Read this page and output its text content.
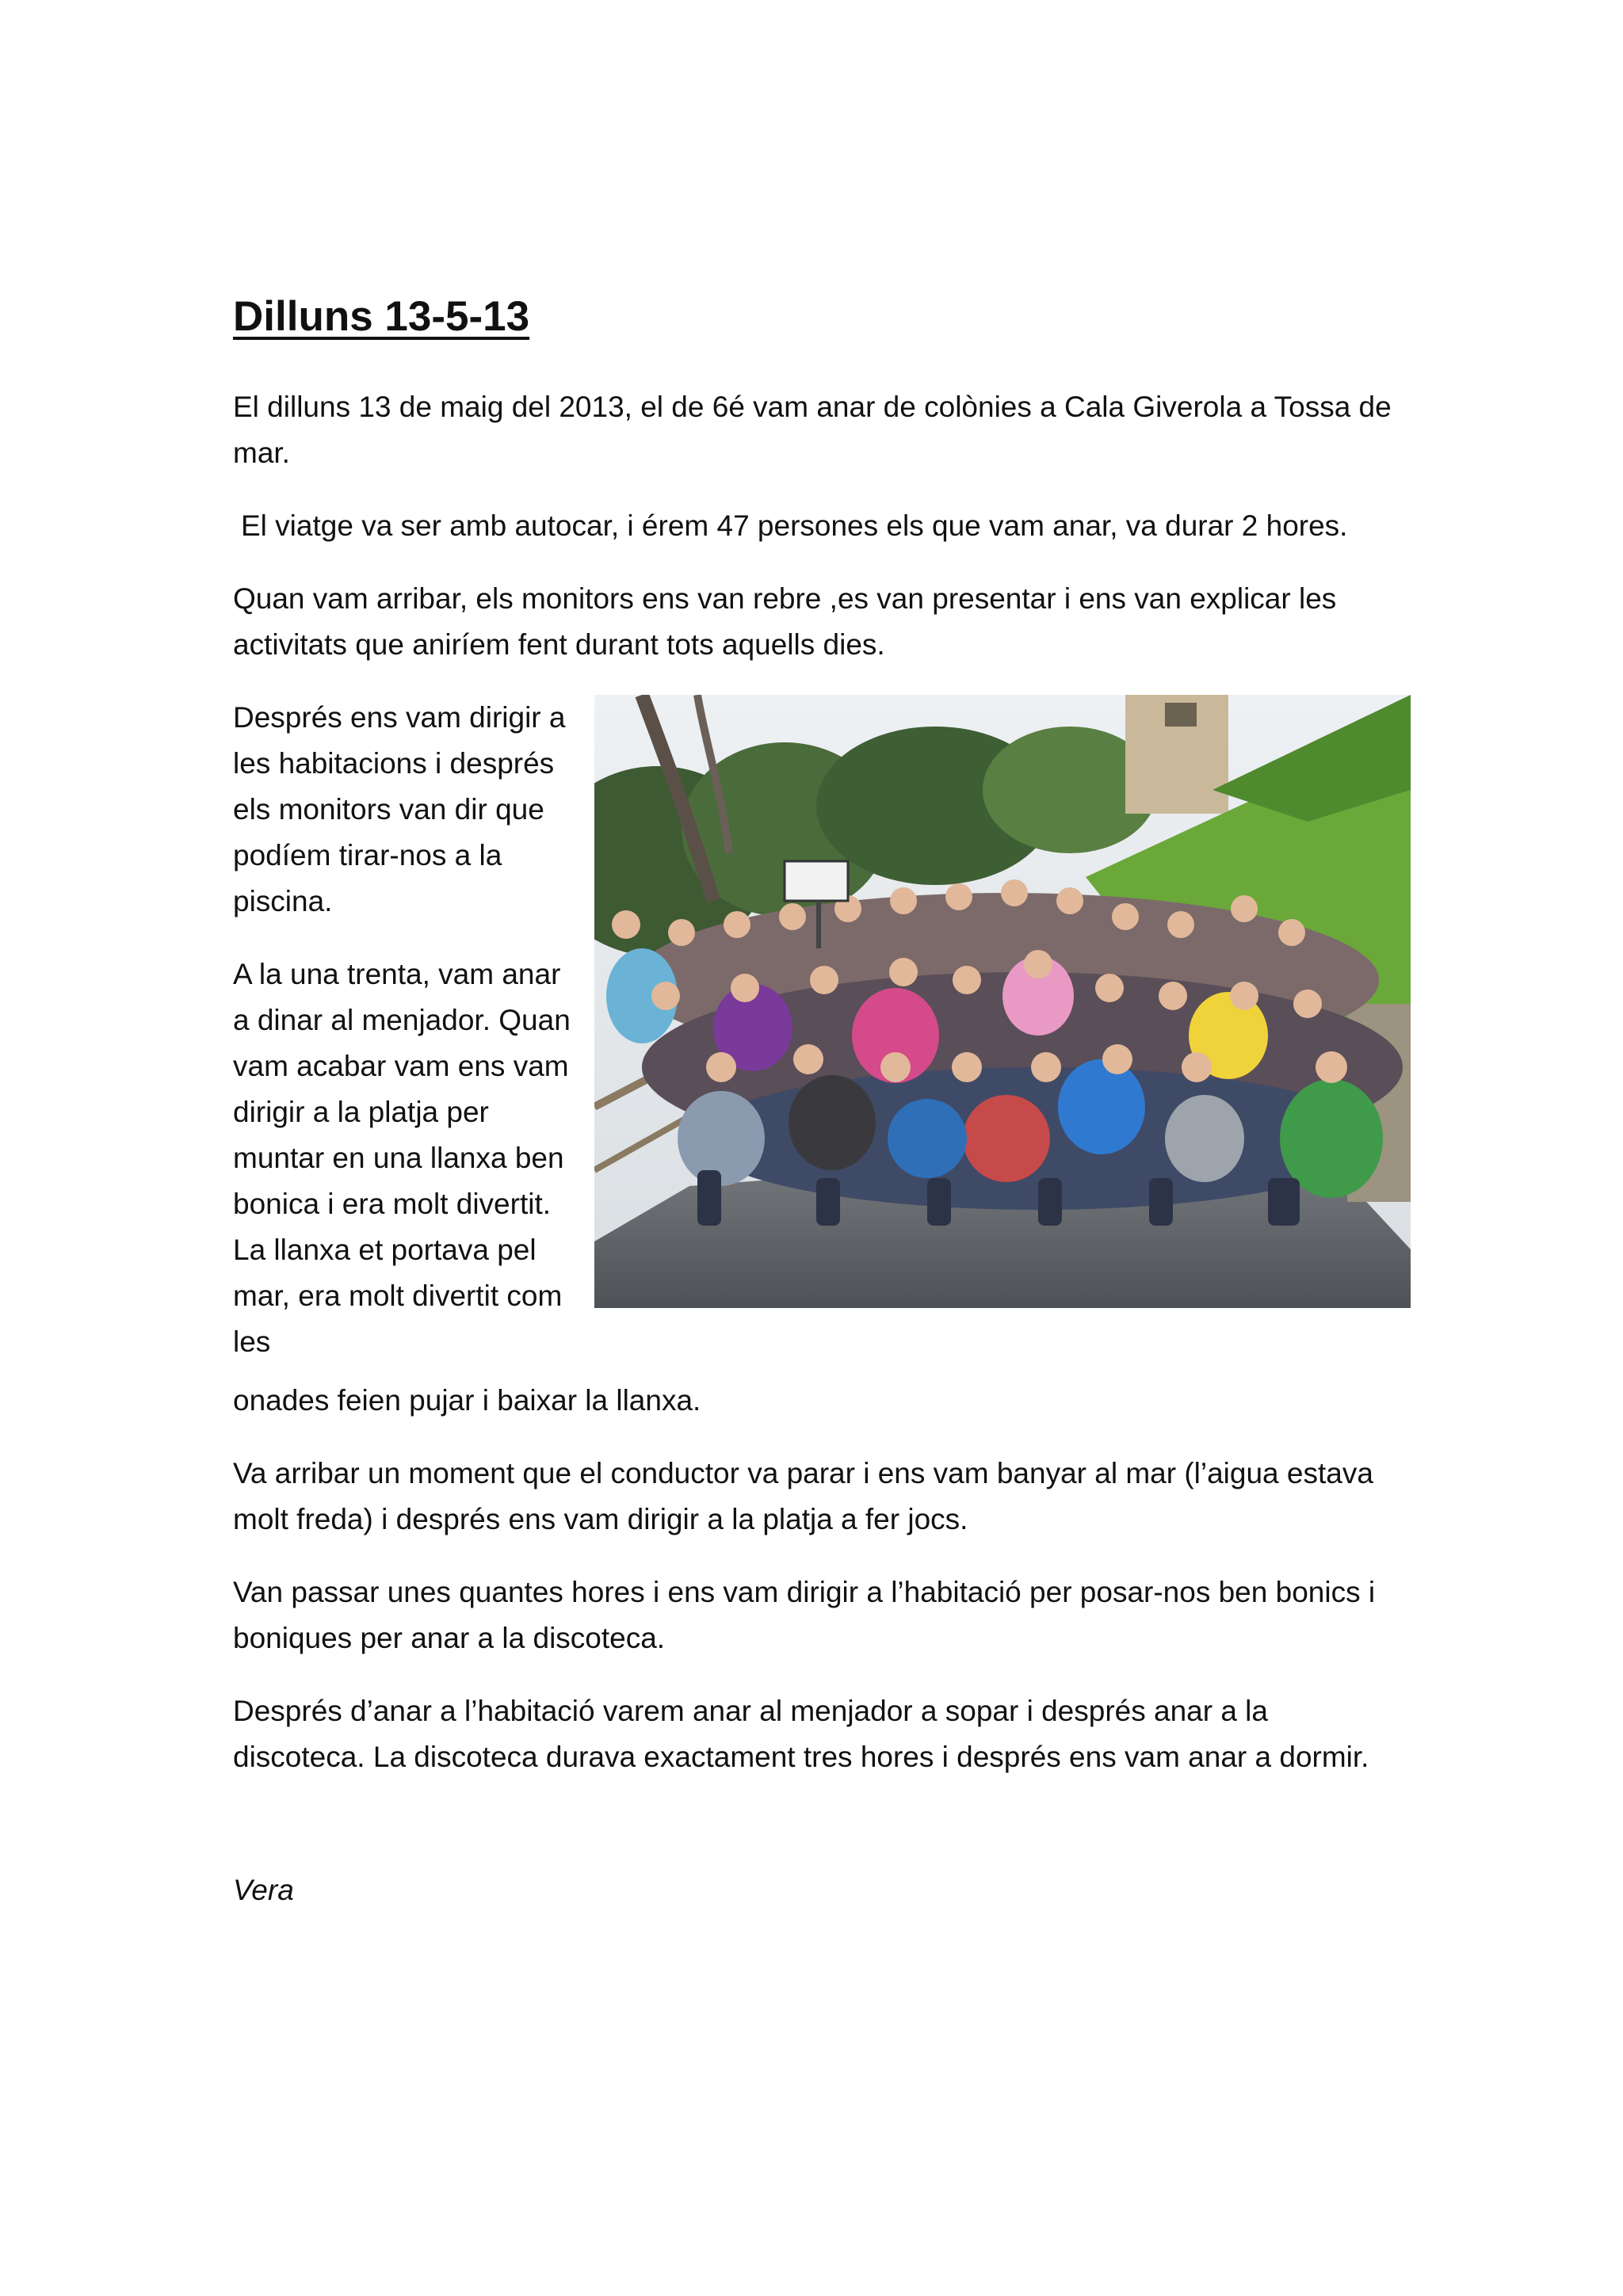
Dilluns 13-5-13

El dilluns 13 de maig del 2013, el de 6é vam anar de colònies a Cala Giverola a Tossa de mar.

El viatge va ser amb autocar, i érem 47 persones els que vam anar, va durar 2 hores.

Quan vam arribar, els monitors ens van rebre ,es van presentar i ens van explicar les activitats que aniríem fent durant tots aquells dies.

Després ens vam dirigir a les habitacions i després els monitors van dir que podíem tirar-nos a la piscina.

A la una trenta, vam anar a dinar al menjador. Quan vam acabar vam ens vam dirigir a la platja per muntar en una llanxa ben bonica i era molt divertit. La llanxa et portava pel mar, era molt divertit com les

onades feien pujar i baixar la llanxa.

Va arribar un moment que el conductor va parar i ens vam banyar al mar (l’aigua estava molt freda) i després ens vam dirigir a la platja a fer jocs.

Van passar unes quantes hores i ens vam dirigir a l’habitació per posar-nos ben bonics i boniques per anar a la discoteca.

Després d’anar a l’habitació varem anar al menjador a sopar i després anar a la discoteca. La discoteca durava exactament tres hores i després ens vam anar a dormir.

Vera
